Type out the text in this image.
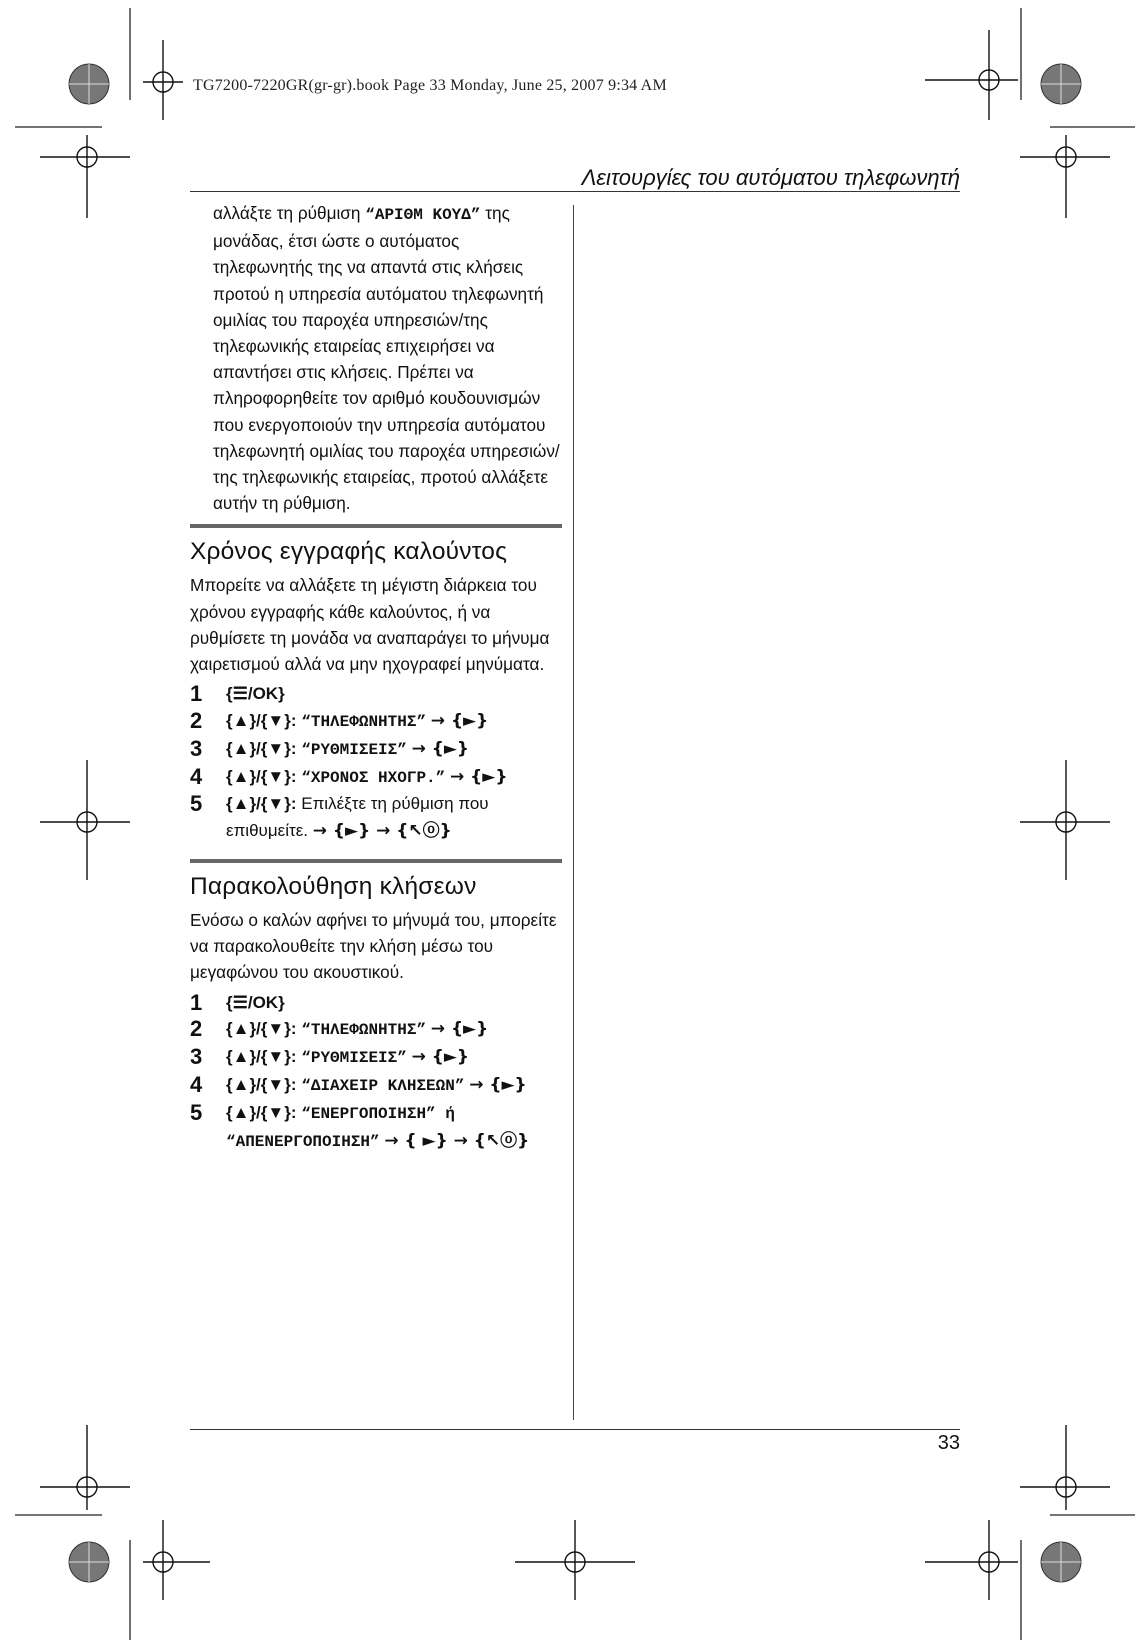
TG7200-7220GR(gr-gr).book Page 33 Monday, June 25, 2007 9:34 AM
Λειτουργίες του αυτόματου τηλεφωνητή

αλλάξτε τη ρύθμιση “ΑΡΙΘΜ ΚΟΥΔ” της μονάδας, έτσι ώστε ο αυτόματος τηλεφωνητής της να απαντά στις κλήσεις προτού η υπηρεσία αυτόματου τηλεφωνητή ομιλίας του παροχέα υπηρεσιών/της τηλεφωνικής εταιρείας επιχειρήσει να απαντήσει στις κλήσεις. Πρέπει να πληροφορηθείτε τον αριθμό κουδουνισμών που ενεργοποιούν την υπηρεσία αυτόματου τηλεφωνητή ομιλίας του παροχέα υπηρεσιών/της τηλεφωνικής εταιρείας, προτού αλλάξετε αυτήν τη ρύθμιση.

Χρόνος εγγραφής καλούντος

Μπορείτε να αλλάξετε τη μέγιστη διάρκεια του χρόνου εγγραφής κάθε καλούντος, ή να ρυθμίσετε τη μονάδα να αναπαράγει το μήνυμα χαιρετισμού αλλά να μην ηχογραφεί μηνύματα.

1	{☰/OK}
2	{▲}/{▼}: “ΤΗΛΕΦΩΝΗΤΗΣ” → {►}
3	{▲}/{▼}: “ΡΥΘΜΙΣΕΙΣ” → {►}
4	{▲}/{▼}: “ΧΡΟΝΟΣ ΗΧΟΓΡ.” → {►}
5	{▲}/{▼}: Επιλέξτε τη ρύθμιση που επιθυμείτε. → {►} → {↖ⓞ}
Παρακολούθηση κλήσεων

Ενόσω ο καλών αφήνει το μήνυμά του, μπορείτε να παρακολουθείτε την κλήση μέσω του μεγαφώνου του ακουστικού.

1	{☰/OK}
2	{▲}/{▼}: “ΤΗΛΕΦΩΝΗΤΗΣ” → {►}
3	{▲}/{▼}: “ΡΥΘΜΙΣΕΙΣ” → {►}
4	{▲}/{▼}: “ΔΙΑΧΕΙΡ ΚΛΗΣΕΩΝ” → {►}
5	{▲}/{▼}: “ΕΝΕΡΓΟΠΟΙΗΣΗ” ή “ΑΠΕΝΕΡΓΟΠΟΙΗΣΗ” → { ►} → {↖ⓞ}
33
